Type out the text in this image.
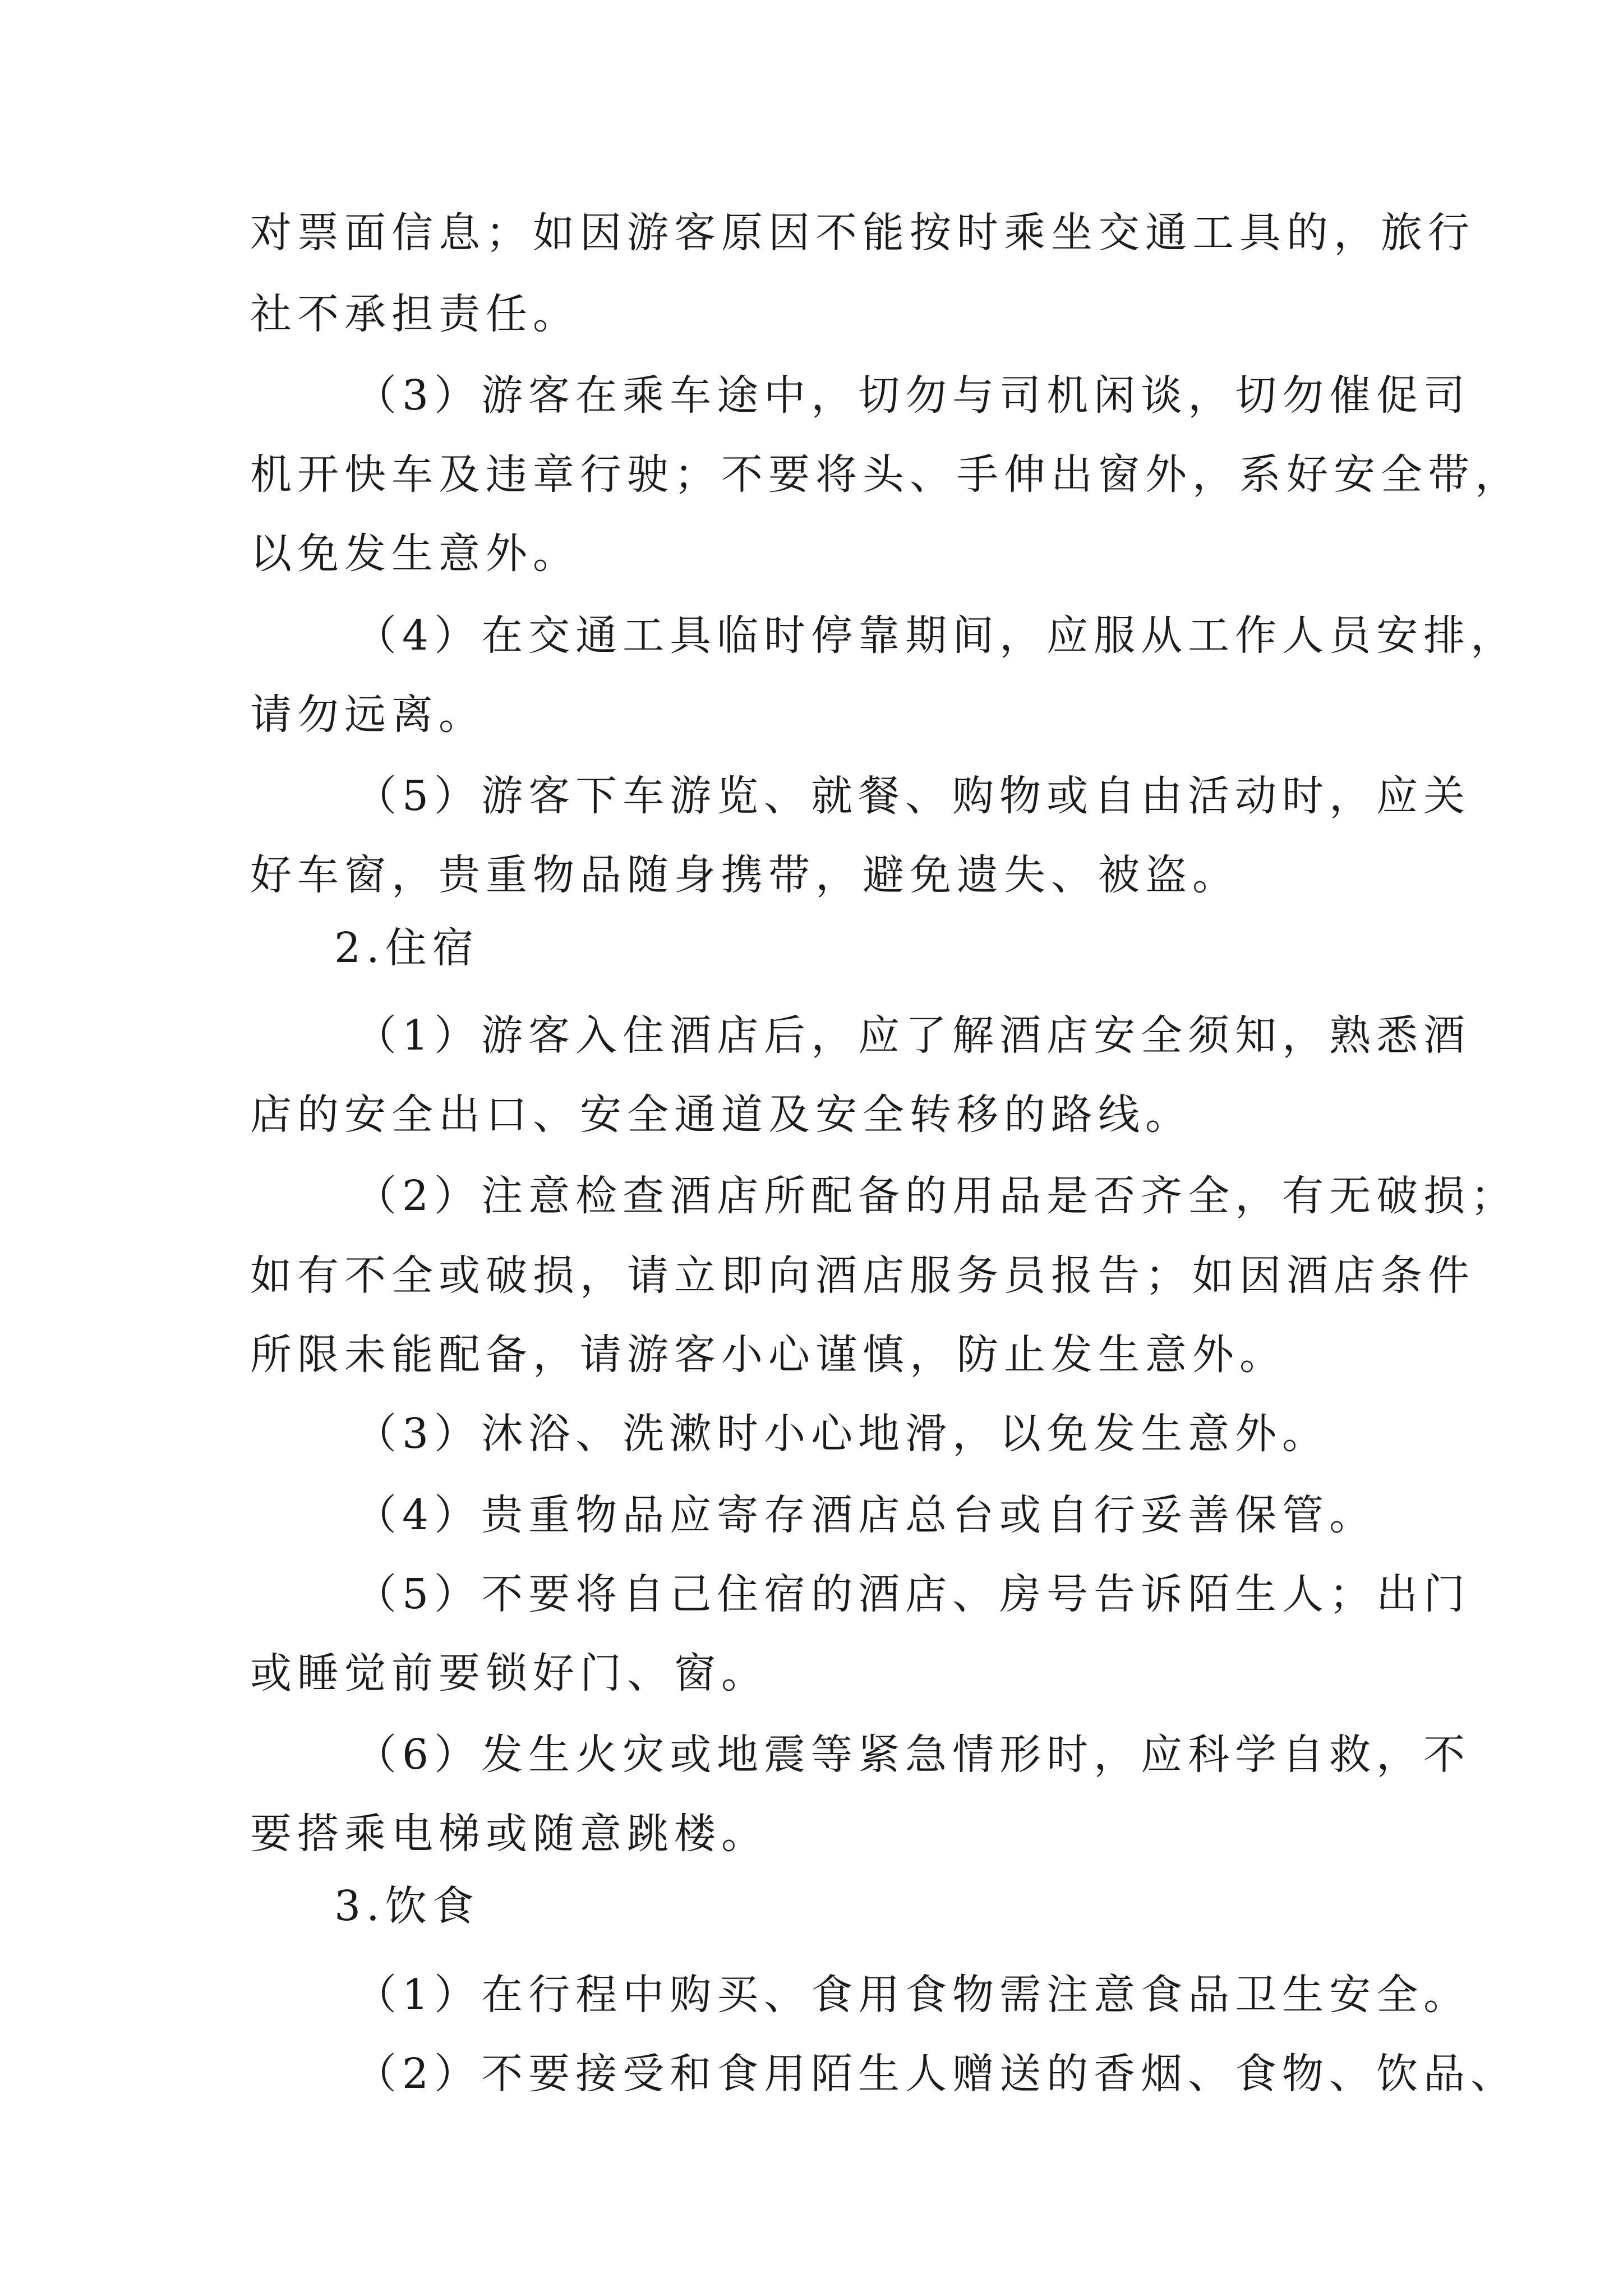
对票面信息；如因游客原因不能按时乘坐交通工具的，旅行
社不承担责任。
（3）游客在乘车途中，切勿与司机闲谈，切勿催促司
机开快车及违章行驶；不要将头、手伸出窗外，系好安全带，
以免发生意外。
（4）在交通工具临时停靠期间，应服从工作人员安排，
请勿远离。
（5）游客下车游览、就餐、购物或自由活动时，应关
好车窗，贵重物品随身携带，避免遗失、被盗。
2.住宿
（1）游客入住酒店后，应了解酒店安全须知，熟悉酒
店的安全出口、安全通道及安全转移的路线。
（2）注意检查酒店所配备的用品是否齐全，有无破损；
如有不全或破损，请立即向酒店服务员报告；如因酒店条件
所限未能配备，请游客小心谨慎，防止发生意外。
（3）沐浴、洗漱时小心地滑，以免发生意外。
（4）贵重物品应寄存酒店总台或自行妥善保管。
（5）不要将自己住宿的酒店、房号告诉陌生人；出门
或睡觉前要锁好门、窗。
（6）发生火灾或地震等紧急情形时，应科学自救，不
要搭乘电梯或随意跳楼。
3.饮食
（1）在行程中购买、食用食物需注意食品卫生安全。
（2）不要接受和食用陌生人赠送的香烟、食物、饮品、
